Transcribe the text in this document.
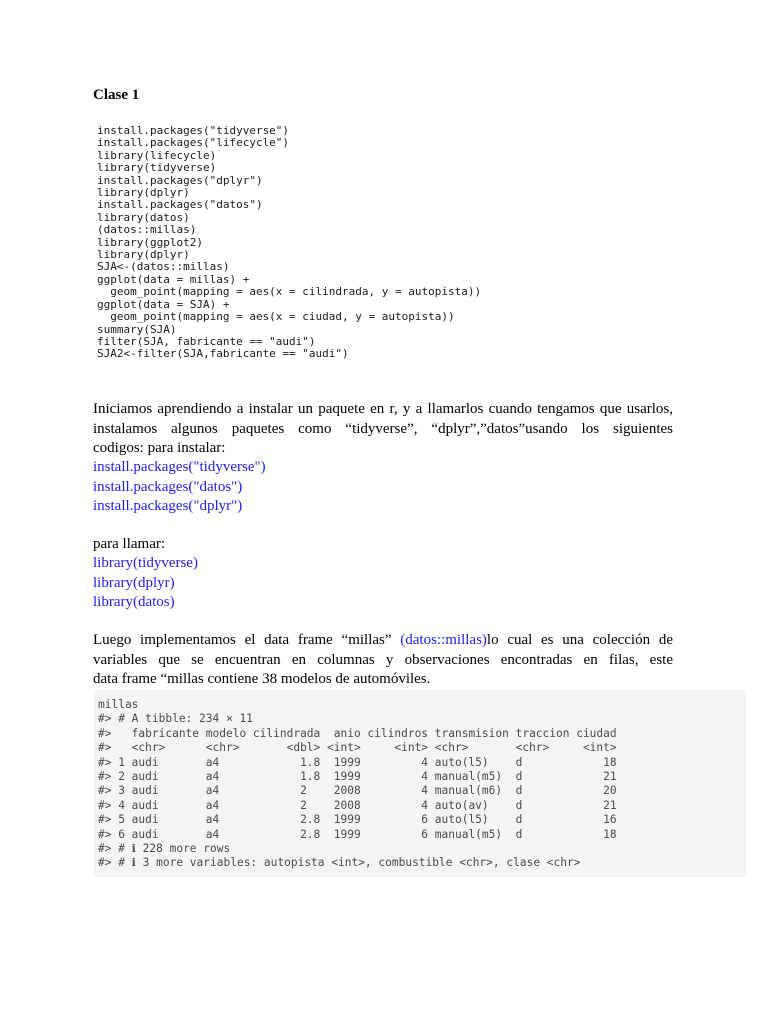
Clase 1
install.packages("tidyverse")
install.packages("lifecycle")
library(lifecycle)
library(tidyverse)
install.packages("dplyr")
library(dplyr)
install.packages("datos")
library(datos)
(datos::millas)
library(ggplot2)
library(dplyr)
SJA<-(datos::millas)
ggplot(data = millas) +
geom_point(mapping = aes(x = cilindrada, y = autopista))
ggplot(data = SJA) +
geom_point(mapping = aes(x = ciudad, y = autopista))
summary(SJA)
filter(SJA, fabricante == "audi")
SJA2<-filter(SJA,fabricante == "audi")
Iniciamos aprendiendo a instalar un paquete en r, y a llamarlos cuando tengamos que usarlos,
instalamos algunos paquetes como “tidyverse”, “dplyr”,”datos”usando los siguientes
codigos: para instalar:
install.packages("tidyverse")
install.packages("datos")
install.packages("dplyr")
para llamar:
library(tidyverse)
library(dplyr)
library(datos)
Luego implementamos el data frame “millas” (datos::millas)lo cual es una colección de
variables que se encuentran en columnas y observaciones encontradas en filas, este
data frame “millas contiene 38 modelos de automóviles.
millas
#> # A tibble: 234 × 11
#>   fabricante modelo cilindrada  anio cilindros transmision traccion ciudad
#>   <chr>      <chr>       <dbl> <int>     <int> <chr>       <chr>     <int>
#> 1 audi       a4            1.8  1999         4 auto(l5)    d            18
#> 2 audi       a4            1.8  1999         4 manual(m5)  d            21
#> 3 audi       a4            2    2008         4 manual(m6)  d            20
#> 4 audi       a4            2    2008         4 auto(av)    d            21
#> 5 audi       a4            2.8  1999         6 auto(l5)    d            16
#> 6 audi       a4            2.8  1999         6 manual(m5)  d            18
#> # ℹ 228 more rows
#> # ℹ 3 more variables: autopista <int>, combustible <chr>, clase <chr>
